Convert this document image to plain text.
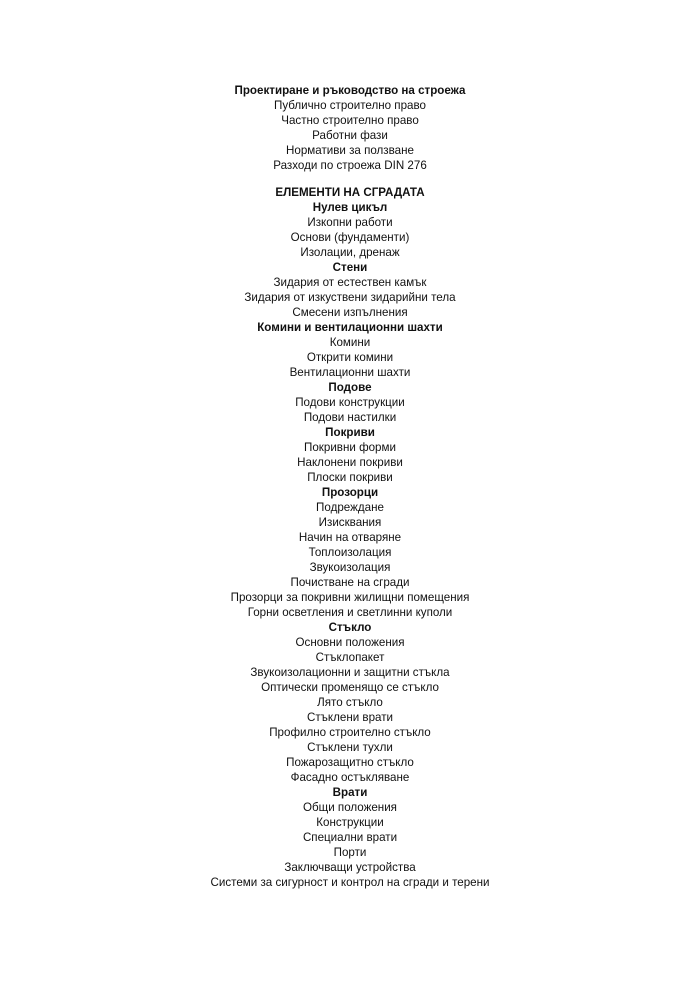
Проектиране и ръководство на строежа
Публично строително право
Частно строително право
Работни фази
Нормативи за ползване
Разходи по строежа DIN 276
ЕЛЕМЕНТИ НА СГРАДАТА
Нулев цикъл
Изкопни работи
Основи (фундаменти)
Изолации, дренаж
Стени
Зидария от естествен камък
Зидария от изкуствени зидарийни тела
Смесени изпълнения
Комини и вентилационни шахти
Комини
Открити комини
Вентилационни шахти
Подове
Подови конструкции
Подови настилки
Покриви
Покривни форми
Наклонени покриви
Плоски покриви
Прозорци
Подреждане
Изисквания
Начин на отваряне
Топлоизолация
Звукоизолация
Почистване на сгради
Прозорци за покривни жилищни помещения
Горни осветления и светлинни куполи
Стъкло
Основни положения
Стъклопакет
Звукоизолационни и защитни стъкла
Оптически променящо се стъкло
Лято стъкло
Стъклени врати
Профилно строително стъкло
Стъклени тухли
Пожарозащитно стъкло
Фасадно остъкляване
Врати
Общи положения
Конструкции
Специални врати
Порти
Заключващи устройства
Системи за сигурност и контрол на сгради и терени
